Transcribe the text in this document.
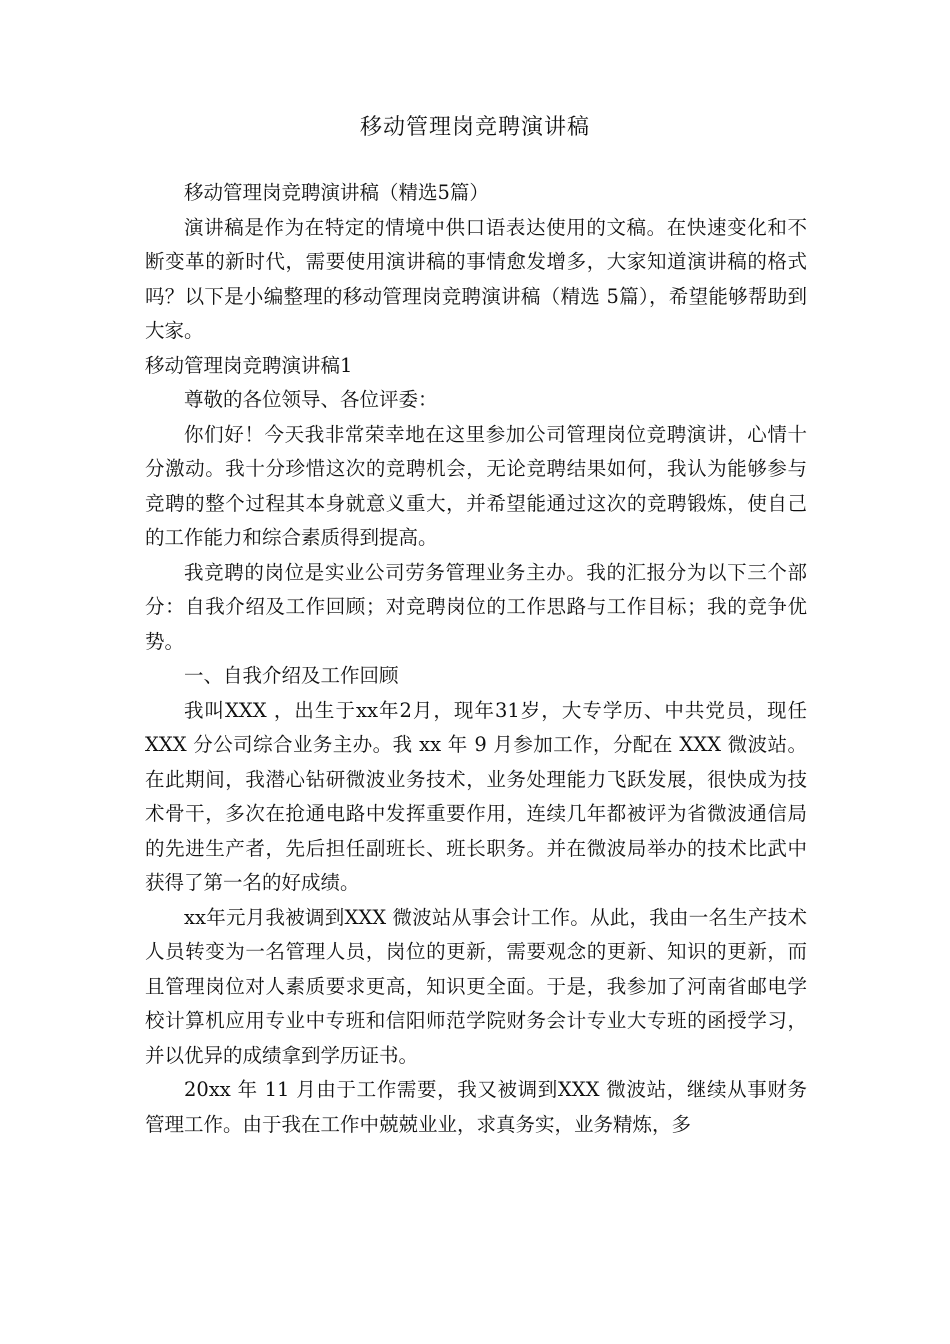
移动管理岗竞聘演讲稿

移动管理岗竞聘演讲稿（精选5篇）

演讲稿是作为在特定的情境中供口语表达使用的文稿。在快速变化和不断变革的新时代，需要使用演讲稿的事情愈发增多，大家知道演讲稿的格式吗？以下是小编整理的移动管理岗竞聘演讲稿（精选 5篇），希望能够帮助到大家。

移动管理岗竞聘演讲稿1

尊敬的各位领导、各位评委：

你们好！今天我非常荣幸地在这里参加公司管理岗位竞聘演讲，心情十分激动。我十分珍惜这次的竞聘机会，无论竞聘结果如何，我认为能够参与竞聘的整个过程其本身就意义重大，并希望能通过这次的竞聘锻炼，使自己的工作能力和综合素质得到提高。

我竞聘的岗位是实业公司劳务管理业务主办。我的汇报分为以下三个部分：自我介绍及工作回顾；对竞聘岗位的工作思路与工作目标；我的竞争优势。

一、自我介绍及工作回顾

我叫XXX ，出生于xx年2月，现年31岁，大专学历、中共党员，现任 XXX 分公司综合业务主办。我 xx 年 9 月参加工作，分配在 XXX 微波站。在此期间，我潜心钻研微波业务技术，业务处理能力飞跃发展，很快成为技术骨干，多次在抢通电路中发挥重要作用，连续几年都被评为省微波通信局的先进生产者，先后担任副班长、班长职务。并在微波局举办的技术比武中获得了第一名的好成绩。

xx年元月我被调到XXX 微波站从事会计工作。从此，我由一名生产技术人员转变为一名管理人员，岗位的更新，需要观念的更新、知识的更新，而且管理岗位对人素质要求更高，知识更全面。于是，我参加了河南省邮电学校计算机应用专业中专班和信阳师范学院财务会计专业大专班的函授学习，并以优异的成绩拿到学历证书。

20xx 年 11 月由于工作需要，我又被调到XXX 微波站，继续从事财务管理工作。由于我在工作中兢兢业业，求真务实，业务精炼，多
